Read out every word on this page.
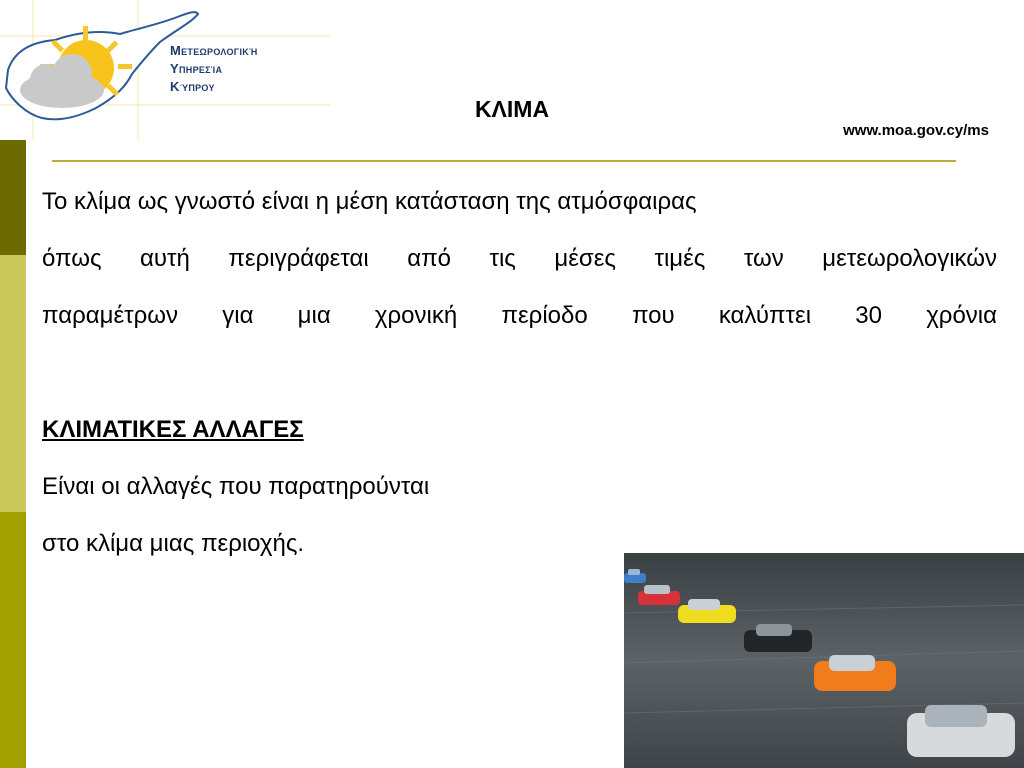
Μετεωρολογική
Υπηρεσία
Κύπρου
ΚΛΙΜΑ
www.moa.gov.cy/ms
Το κλίμα ως γνωστό είναι η μέση κατάσταση της ατμόσφαιρας
όπως αυτή περιγράφεται από τις μέσες τιμές των μετεωρολογικών
παραμέτρων για μια χρονική περίοδο που καλύπτει 30 χρόνια
ΚΛΙΜΑΤΙΚΕΣ ΑΛΛΑΓΕΣ
Είναι οι αλλαγές που παρατηρούνται
στο κλίμα μιας περιοχής.
